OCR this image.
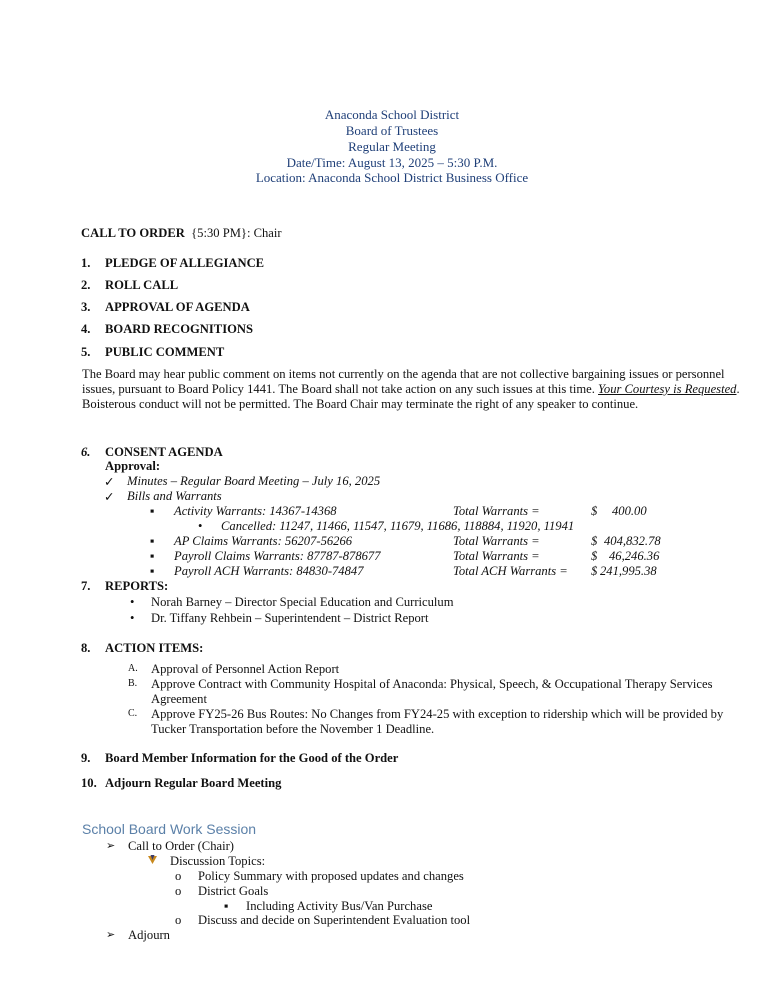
Anaconda School District
Board of Trustees
Regular Meeting
Date/Time: August 13, 2025 – 5:30 P.M.
Location: Anaconda School District Business Office
CALL TO ORDER {5:30 PM}: Chair
1. PLEDGE OF ALLEGIANCE
2. ROLL CALL
3. APPROVAL OF AGENDA
4. BOARD RECOGNITIONS
5. PUBLIC COMMENT
The Board may hear public comment on items not currently on the agenda that are not collective bargaining issues or personnel issues, pursuant to Board Policy 1441. The Board shall not take action on any such issues at this time. Your Courtesy is Requested. Boisterous conduct will not be permitted. The Board Chair may terminate the right of any speaker to continue.
6. CONSENT AGENDA
Approval:
✓ Minutes – Regular Board Meeting – July 16, 2025
✓ Bills and Warrants
▪ Activity Warrants: 14367-14368	Total Warrants =	$ 400.00
• Cancelled: 11247, 11466, 11547, 11679, 11686, 118884, 11920, 11941
▪ AP Claims Warrants: 56207-56266	Total Warrants =	$ 404,832.78
▪ Payroll Claims Warrants: 87787-878677	Total Warrants =	$ 46,246.36
▪ Payroll ACH Warrants: 84830-74847	Total ACH Warrants = $ 241,995.38
7. REPORTS:
• Norah Barney – Director Special Education and Curriculum
• Dr. Tiffany Rehbein – Superintendent – District Report
8. ACTION ITEMS:
A. Approval of Personnel Action Report
B. Approve Contract with Community Hospital of Anaconda: Physical, Speech, & Occupational Therapy Services Agreement
C. Approve FY25-26 Bus Routes: No Changes from FY24-25 with exception to ridership which will be provided by Tucker Transportation before the November 1 Deadline.
9. Board Member Information for the Good of the Order
10. Adjourn Regular Board Meeting
School Board Work Session
➢ Call to Order (Chair)
Discussion Topics:
o Policy Summary with proposed updates and changes
o District Goals
▪ Including Activity Bus/Van Purchase
o Discuss and decide on Superintendent Evaluation tool
➢ Adjourn
